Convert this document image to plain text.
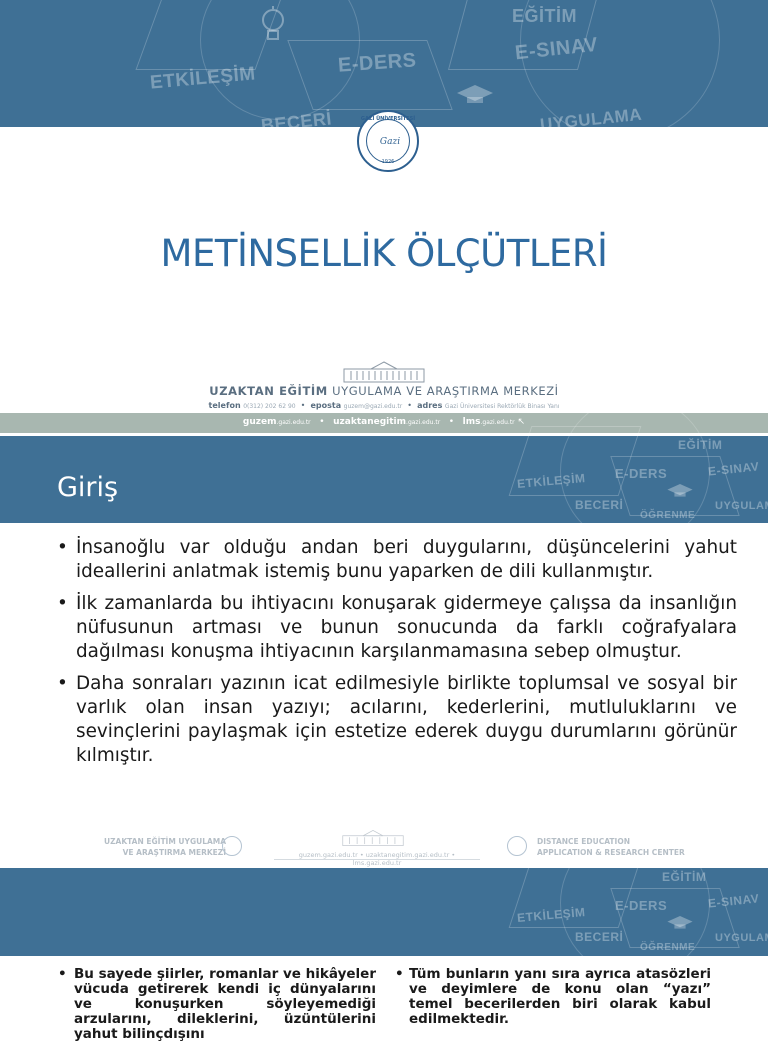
EĞİTİM
E-SINAV
ETKİLEŞİM
E-DERS
BECERİ	UYGULAMA
GAZİ ÜNİVERSİTESİ
Gazi
1926
METİNSELLİK ÖLÇÜTLERİ
UZAKTAN EĞİTİM UYGULAMA VE ARAŞTIRMA MERKEZİ
telefon 0(312) 202 62 90  •  eposta guzem@gazi.edu.tr  •  adres Gazi Üniversitesi Rektörlük Binası Yanı
guzem.gazi.edu.tr   •   uzaktanegitim.gazi.edu.tr   •   lms.gazi.edu.tr ↖
EĞİTİM
E-DERS	E-SINAV
ETKİLEŞİM
BECERİ	UYGULAMA
ÖĞRENME
Giriş
• İnsanoğlu var olduğu andan beri duygularını, düşüncelerini yahut ideallerini anlatmak istemiş bunu yaparken de dili kullanmıştır.
• İlk zamanlarda bu ihtiyacını konuşarak gidermeye çalışsa da insanlığın nüfusunun artması ve bunun sonucunda da farklı coğrafyalara dağılması konuşma ihtiyacının karşılanmamasına sebep olmuştur.
• Daha sonraları yazının icat edilmesiyle birlikte toplumsal ve sosyal bir varlık olan insan yazıyı; acılarını, kederlerini, mutluluklarını ve sevinçlerini paylaşmak için estetize ederek duygu durumlarını görünür kılmıştır.
UZAKTAN EĞİTİM UYGULAMA
VE ARAŞTIRMA MERKEZİ	guzem.gazi.edu.tr • uzaktanegitim.gazi.edu.tr • lms.gazi.edu.tr
DISTANCE EDUCATION
APPLICATION & RESEARCH CENTER
EĞİTİM
E-DERS	E-SINAV
ETKİLEŞİM
BECERİ	UYGULAMA
ÖĞRENME
• Bu sayede şiirler, romanlar ve hikâyeler vücuda getirerek kendi iç dünyalarını ve konuşurken söyleyemediği arzularını, dileklerini, üzüntülerini yahut bilinçdışını
• Tüm bunların yanı sıra ayrıca atasözleri ve deyimlere de konu olan “yazı” temel becerilerden biri olarak kabul edilmektedir.
